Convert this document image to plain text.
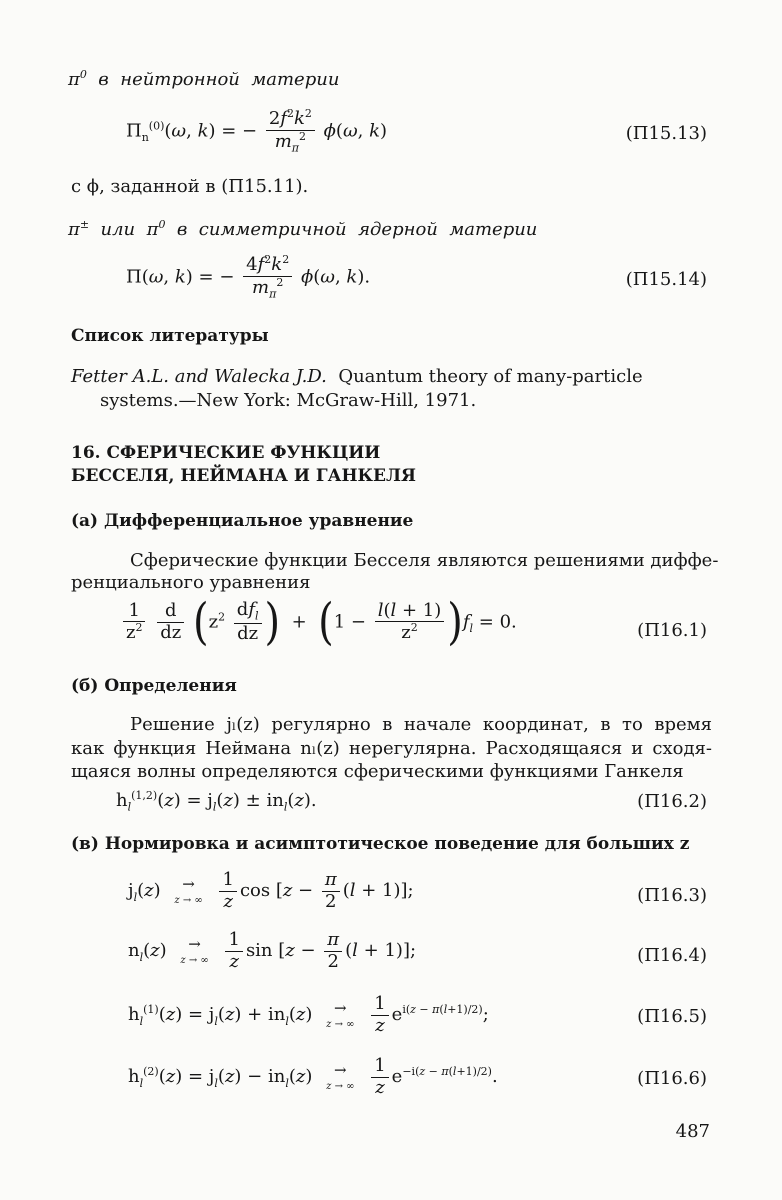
$\pi^0$  в  нейтронной  материи
$\Pi_n^{(0)}(\omega$, k) = − $\frac{2f^2k^2}{m_\pi^2} \phi(\omega$, k)	(П15.13)
с ϕ, заданной в (П15.11).
π±  или  $\pi^0$  в  симметричной  ядерной  материи
Π(ω, k) = − $\frac{4f^2k^2}{m_\pi^2} \phi(\omega$, k).	(П15.14)
Список литературы
Fetter A.L. and Walecka J.D. Quantum theory of many-particle
systems.—New York: McGraw-Hill, 1971.
16. СФЕРИЧЕСКИЕ ФУНКЦИИ
БЕССЕЛЯ, НЕЙМАНА И ГАНКЕЛЯ
(а) Дифференциальное уравнение
Сферические функции Бесселя являются решениями диффе-
ренциального уравнения
$\frac{1}{z^2}$
$\frac{d}{dz} (z^2 \frac{df_l}{dz}$ )  +  $(1 - \frac{l(l + 1)}{z^2} )f_l = 0$.	(П16.1)
(б) Определения
Решение jₗ(z) регулярно в начале координат, в то время
как функция Неймана nₗ(z) нерегулярна. Расходящаяся и сходя-
щаяся волны определяются сферическими функциями Ганкеля
$h_l^{(1,2)}(z) = j_l(z) \pm in_l(z)$.	(П16.2)
(в) Нормировка и асимптотическое поведение для больших z
$j_l(z)$	→
z → ∞
$\frac{1}{z}$ $\cos [z - \frac{\pi}{2} (l + 1)]$;	(П16.3)
$n_l(z)$	→
z → ∞
$\frac{1}{z}$ $\sin [z - \frac{\pi}{2} (l + 1)]$;	(П16.4)
$h_l^{(1)}(z) = j_l(z) + in_l(z)$	→
z → ∞
$\frac{1}{z} e^{i(z - \pi(l+1)/2)}$;	(П16.5)
$h_l^{(2)}(z) = j_l(z) - in_l(z)$	→
z → ∞
$\frac{1}{z} e^{-i(z - \pi(l+1)/2)}$.	(П16.6)
487
